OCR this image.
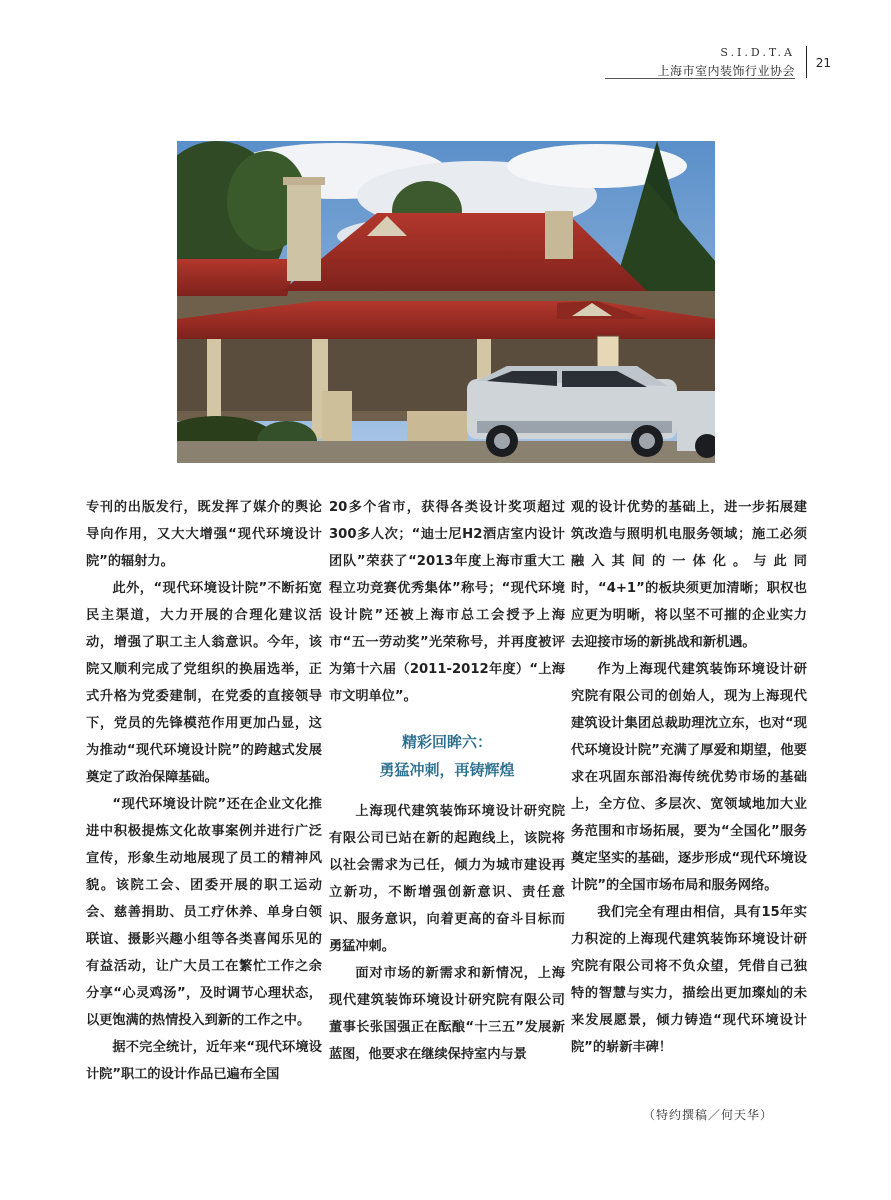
S.I.D.T.A
上海市室内装饰行业协会
21

专刊的出版发行，既发挥了媒介的舆论导向作用，又大大增强“现代环境设计院”的辐射力。

此外，“现代环境设计院”不断拓宽民主渠道，大力开展的合理化建议活动，增强了职工主人翁意识。今年，该院又顺利完成了党组织的换届选举，正式升格为党委建制，在党委的直接领导下，党员的先锋模范作用更加凸显，这为推动“现代环境设计院”的跨越式发展奠定了政治保障基础。

“现代环境设计院”还在企业文化推进中积极提炼文化故事案例并进行广泛宣传，形象生动地展现了员工的精神风貌。该院工会、团委开展的职工运动会、慈善捐助、员工疗休养、单身白领联谊、摄影兴趣小组等各类喜闻乐见的有益活动，让广大员工在繁忙工作之余分享“心灵鸡汤”，及时调节心理状态，以更饱满的热情投入到新的工作之中。

据不完全统计，近年来“现代环境设计院”职工的设计作品已遍布全国

20多个省市，获得各类设计奖项超过300多人次；“迪士尼H2酒店室内设计团队”荣获了“2013年度上海市重大工程立功竞赛优秀集体”称号；“现代环境设计院”还被上海市总工会授予上海市“五一劳动奖”光荣称号，并再度被评为第十六届（2011-2012年度）“上海市文明单位”。

精彩回眸六：
勇猛冲刺，再铸辉煌

上海现代建筑装饰环境设计研究院有限公司已站在新的起跑线上，该院将以社会需求为己任，倾力为城市建设再立新功，不断增强创新意识、责任意识、服务意识，向着更高的奋斗目标而勇猛冲刺。

面对市场的新需求和新情况，上海现代建筑装饰环境设计研究院有限公司董事长张国强正在酝酿“十三五”发展新蓝图，他要求在继续保持室内与景

观的设计优势的基础上，进一步拓展建筑改造与照明机电服务领域；施工必须融入其间的一体化。与此同时，“4+1”的板块须更加清晰；职权也应更为明晰，将以坚不可摧的企业实力去迎接市场的新挑战和新机遇。

作为上海现代建筑装饰环境设计研究院有限公司的创始人，现为上海现代建筑设计集团总裁助理沈立东，也对“现代环境设计院”充满了厚爱和期望，他要求在巩固东部沿海传统优势市场的基础上，全方位、多层次、宽领域地加大业务范围和市场拓展，要为“全国化”服务奠定坚实的基础，逐步形成“现代环境设计院”的全国市场布局和服务网络。

我们完全有理由相信，具有15年实力积淀的上海现代建筑装饰环境设计研究院有限公司将不负众望，凭借自己独特的智慧与实力，描绘出更加璨灿的未来发展愿景，倾力铸造“现代环境设计院”的崭新丰碑！

（特约撰稿／何天华）
